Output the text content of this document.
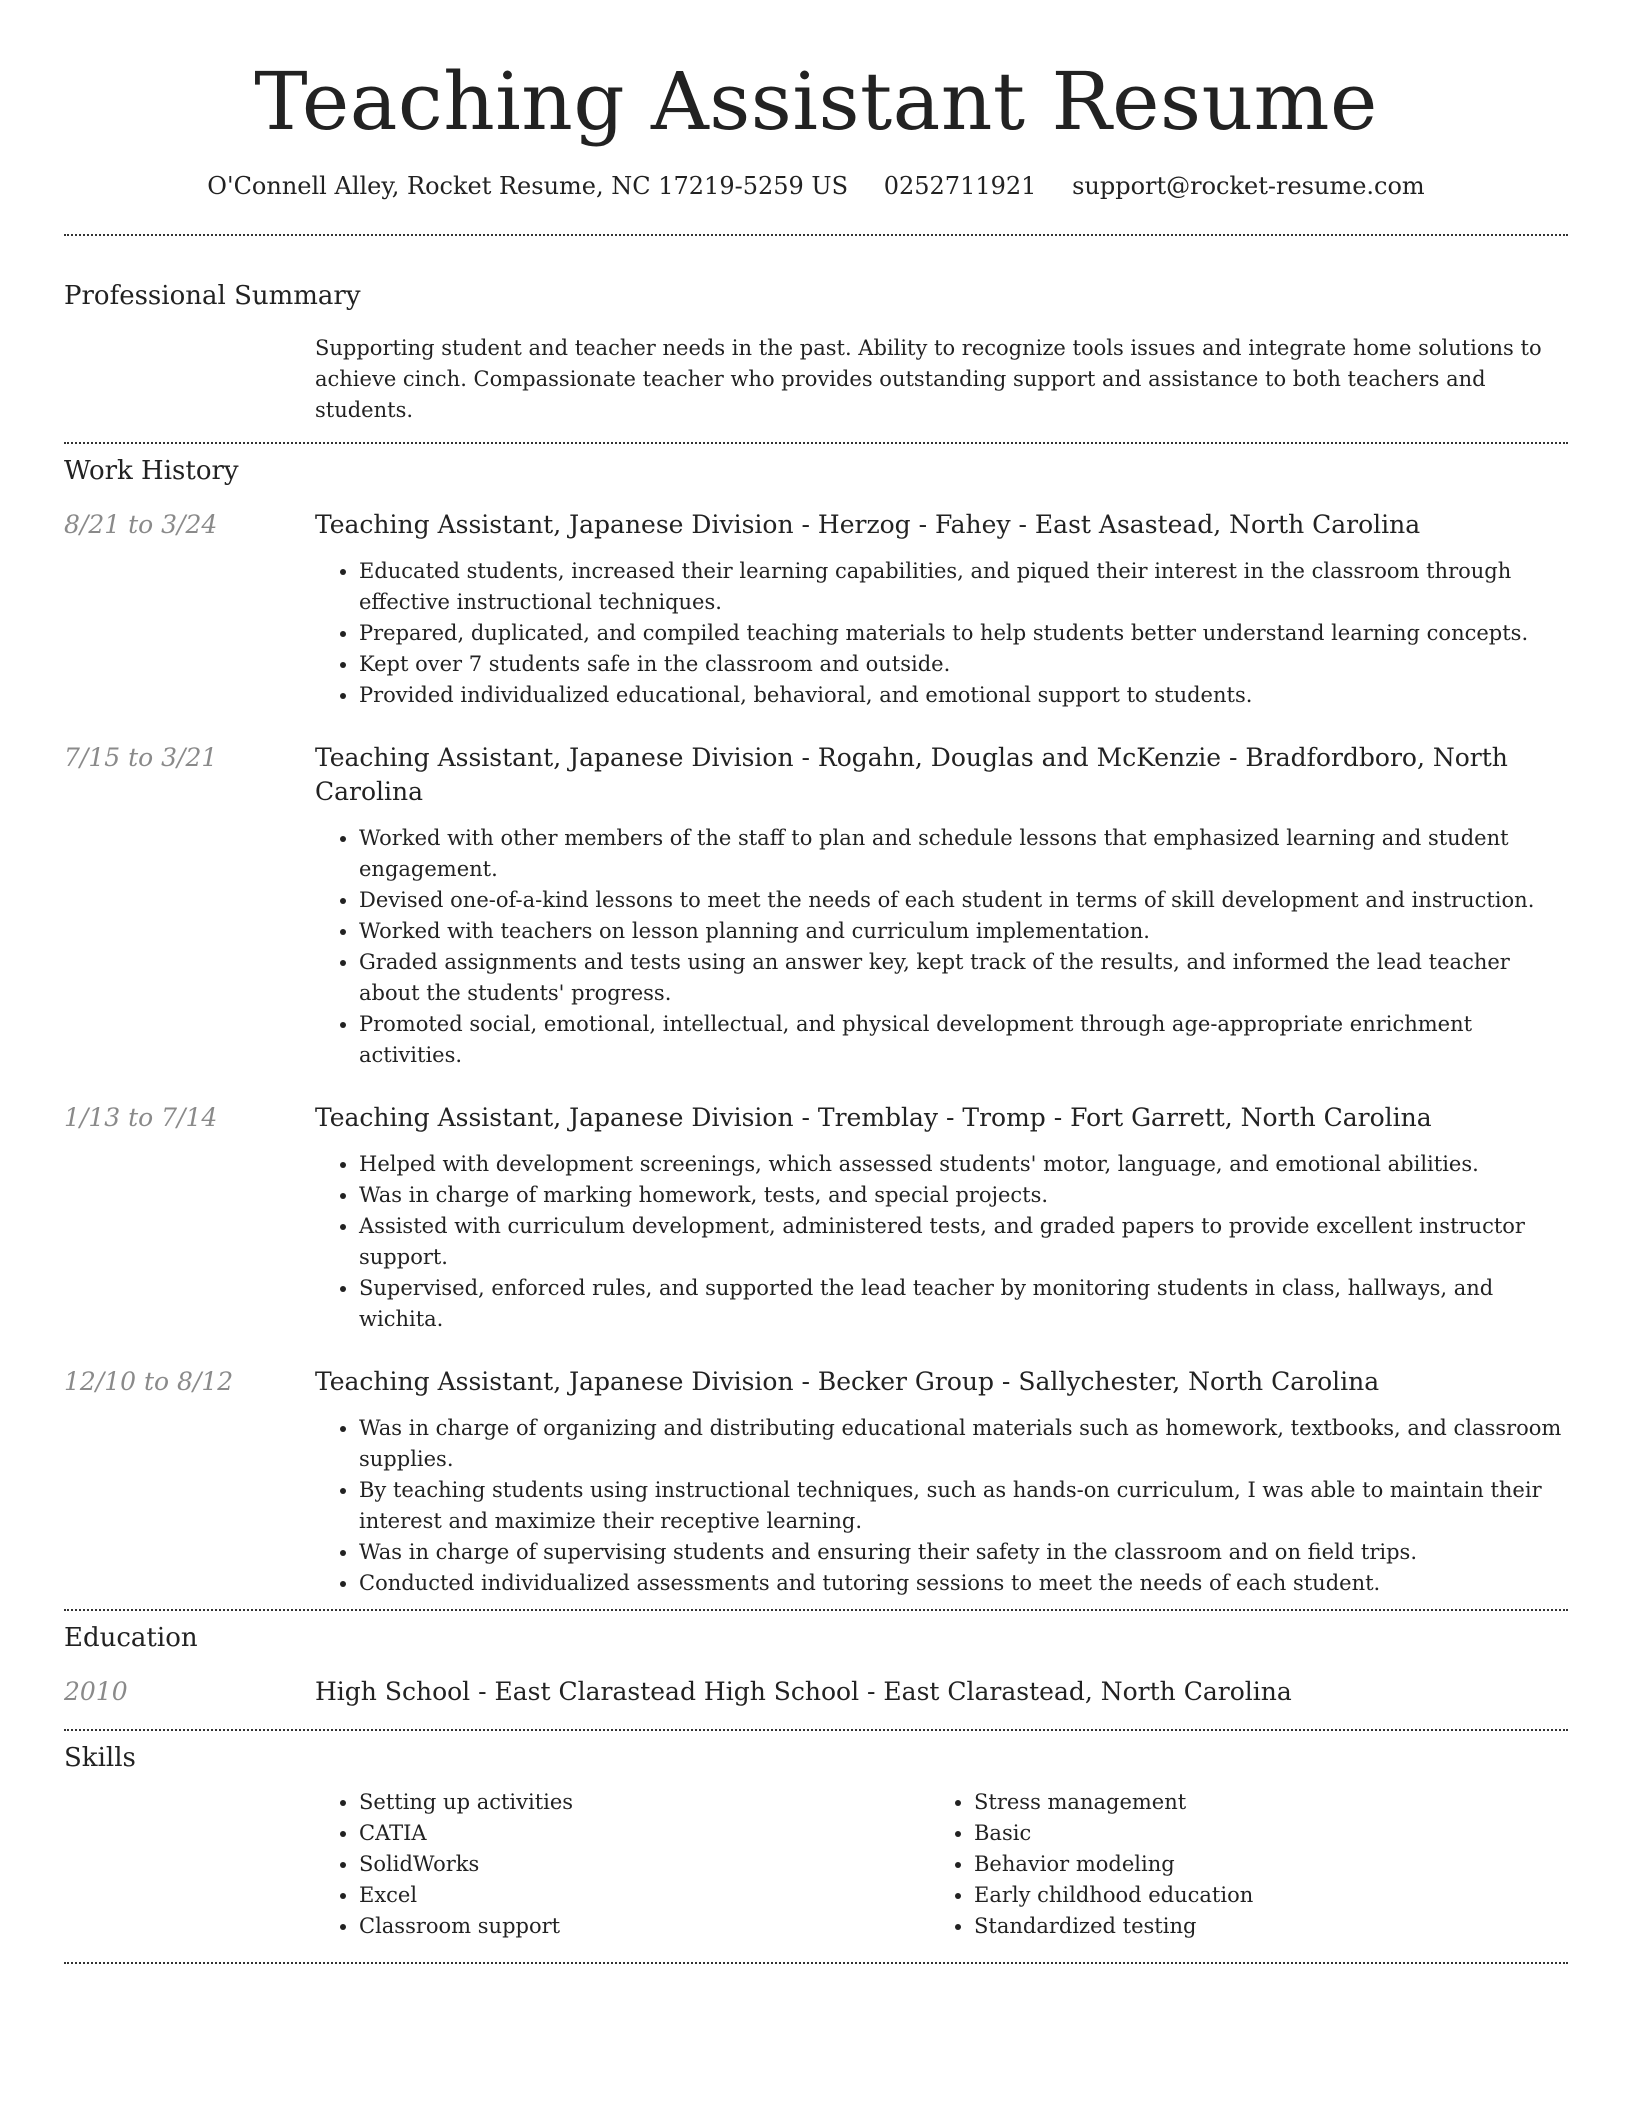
Teaching Assistant Resume
O'Connell Alley, Rocket Resume, NC 17219-5259 US 0252711921 support@rocket-resume.com
Professional Summary
Supporting student and teacher needs in the past. Ability to recognize tools issues and integrate home solutions to achieve cinch. Compassionate teacher who provides outstanding support and assistance to both teachers and students.
Work History
8/21 to 3/24	Teaching Assistant, Japanese Division - Herzog - Fahey - East Asastead, North Carolina
• Educated students, increased their learning capabilities, and piqued their interest in the classroom through effective instructional techniques.
• Prepared, duplicated, and compiled teaching materials to help students better understand learning concepts.
• Kept over 7 students safe in the classroom and outside.
• Provided individualized educational, behavioral, and emotional support to students.
7/15 to 3/21	Teaching Assistant, Japanese Division - Rogahn, Douglas and McKenzie - Bradfordboro, North Carolina
• Worked with other members of the staff to plan and schedule lessons that emphasized learning and student engagement.
• Devised one-of-a-kind lessons to meet the needs of each student in terms of skill development and instruction.
• Worked with teachers on lesson planning and curriculum implementation.
• Graded assignments and tests using an answer key, kept track of the results, and informed the lead teacher about the students' progress.
• Promoted social, emotional, intellectual, and physical development through age-appropriate enrichment activities.
1/13 to 7/14	Teaching Assistant, Japanese Division - Tremblay - Tromp - Fort Garrett, North Carolina
• Helped with development screenings, which assessed students' motor, language, and emotional abilities.
• Was in charge of marking homework, tests, and special projects.
• Assisted with curriculum development, administered tests, and graded papers to provide excellent instructor support.
• Supervised, enforced rules, and supported the lead teacher by monitoring students in class, hallways, and wichita.
12/10 to 8/12	Teaching Assistant, Japanese Division - Becker Group - Sallychester, North Carolina
• Was in charge of organizing and distributing educational materials such as homework, textbooks, and classroom supplies.
• By teaching students using instructional techniques, such as hands-on curriculum, I was able to maintain their interest and maximize their receptive learning.
• Was in charge of supervising students and ensuring their safety in the classroom and on field trips.
• Conducted individualized assessments and tutoring sessions to meet the needs of each student.
Education
2010	High School - East Clarastead High School - East Clarastead, North Carolina
Skills
• Setting up activities
• CATIA
• SolidWorks
• Excel
• Classroom support
• Stress management
• Basic
• Behavior modeling
• Early childhood education
• Standardized testing
